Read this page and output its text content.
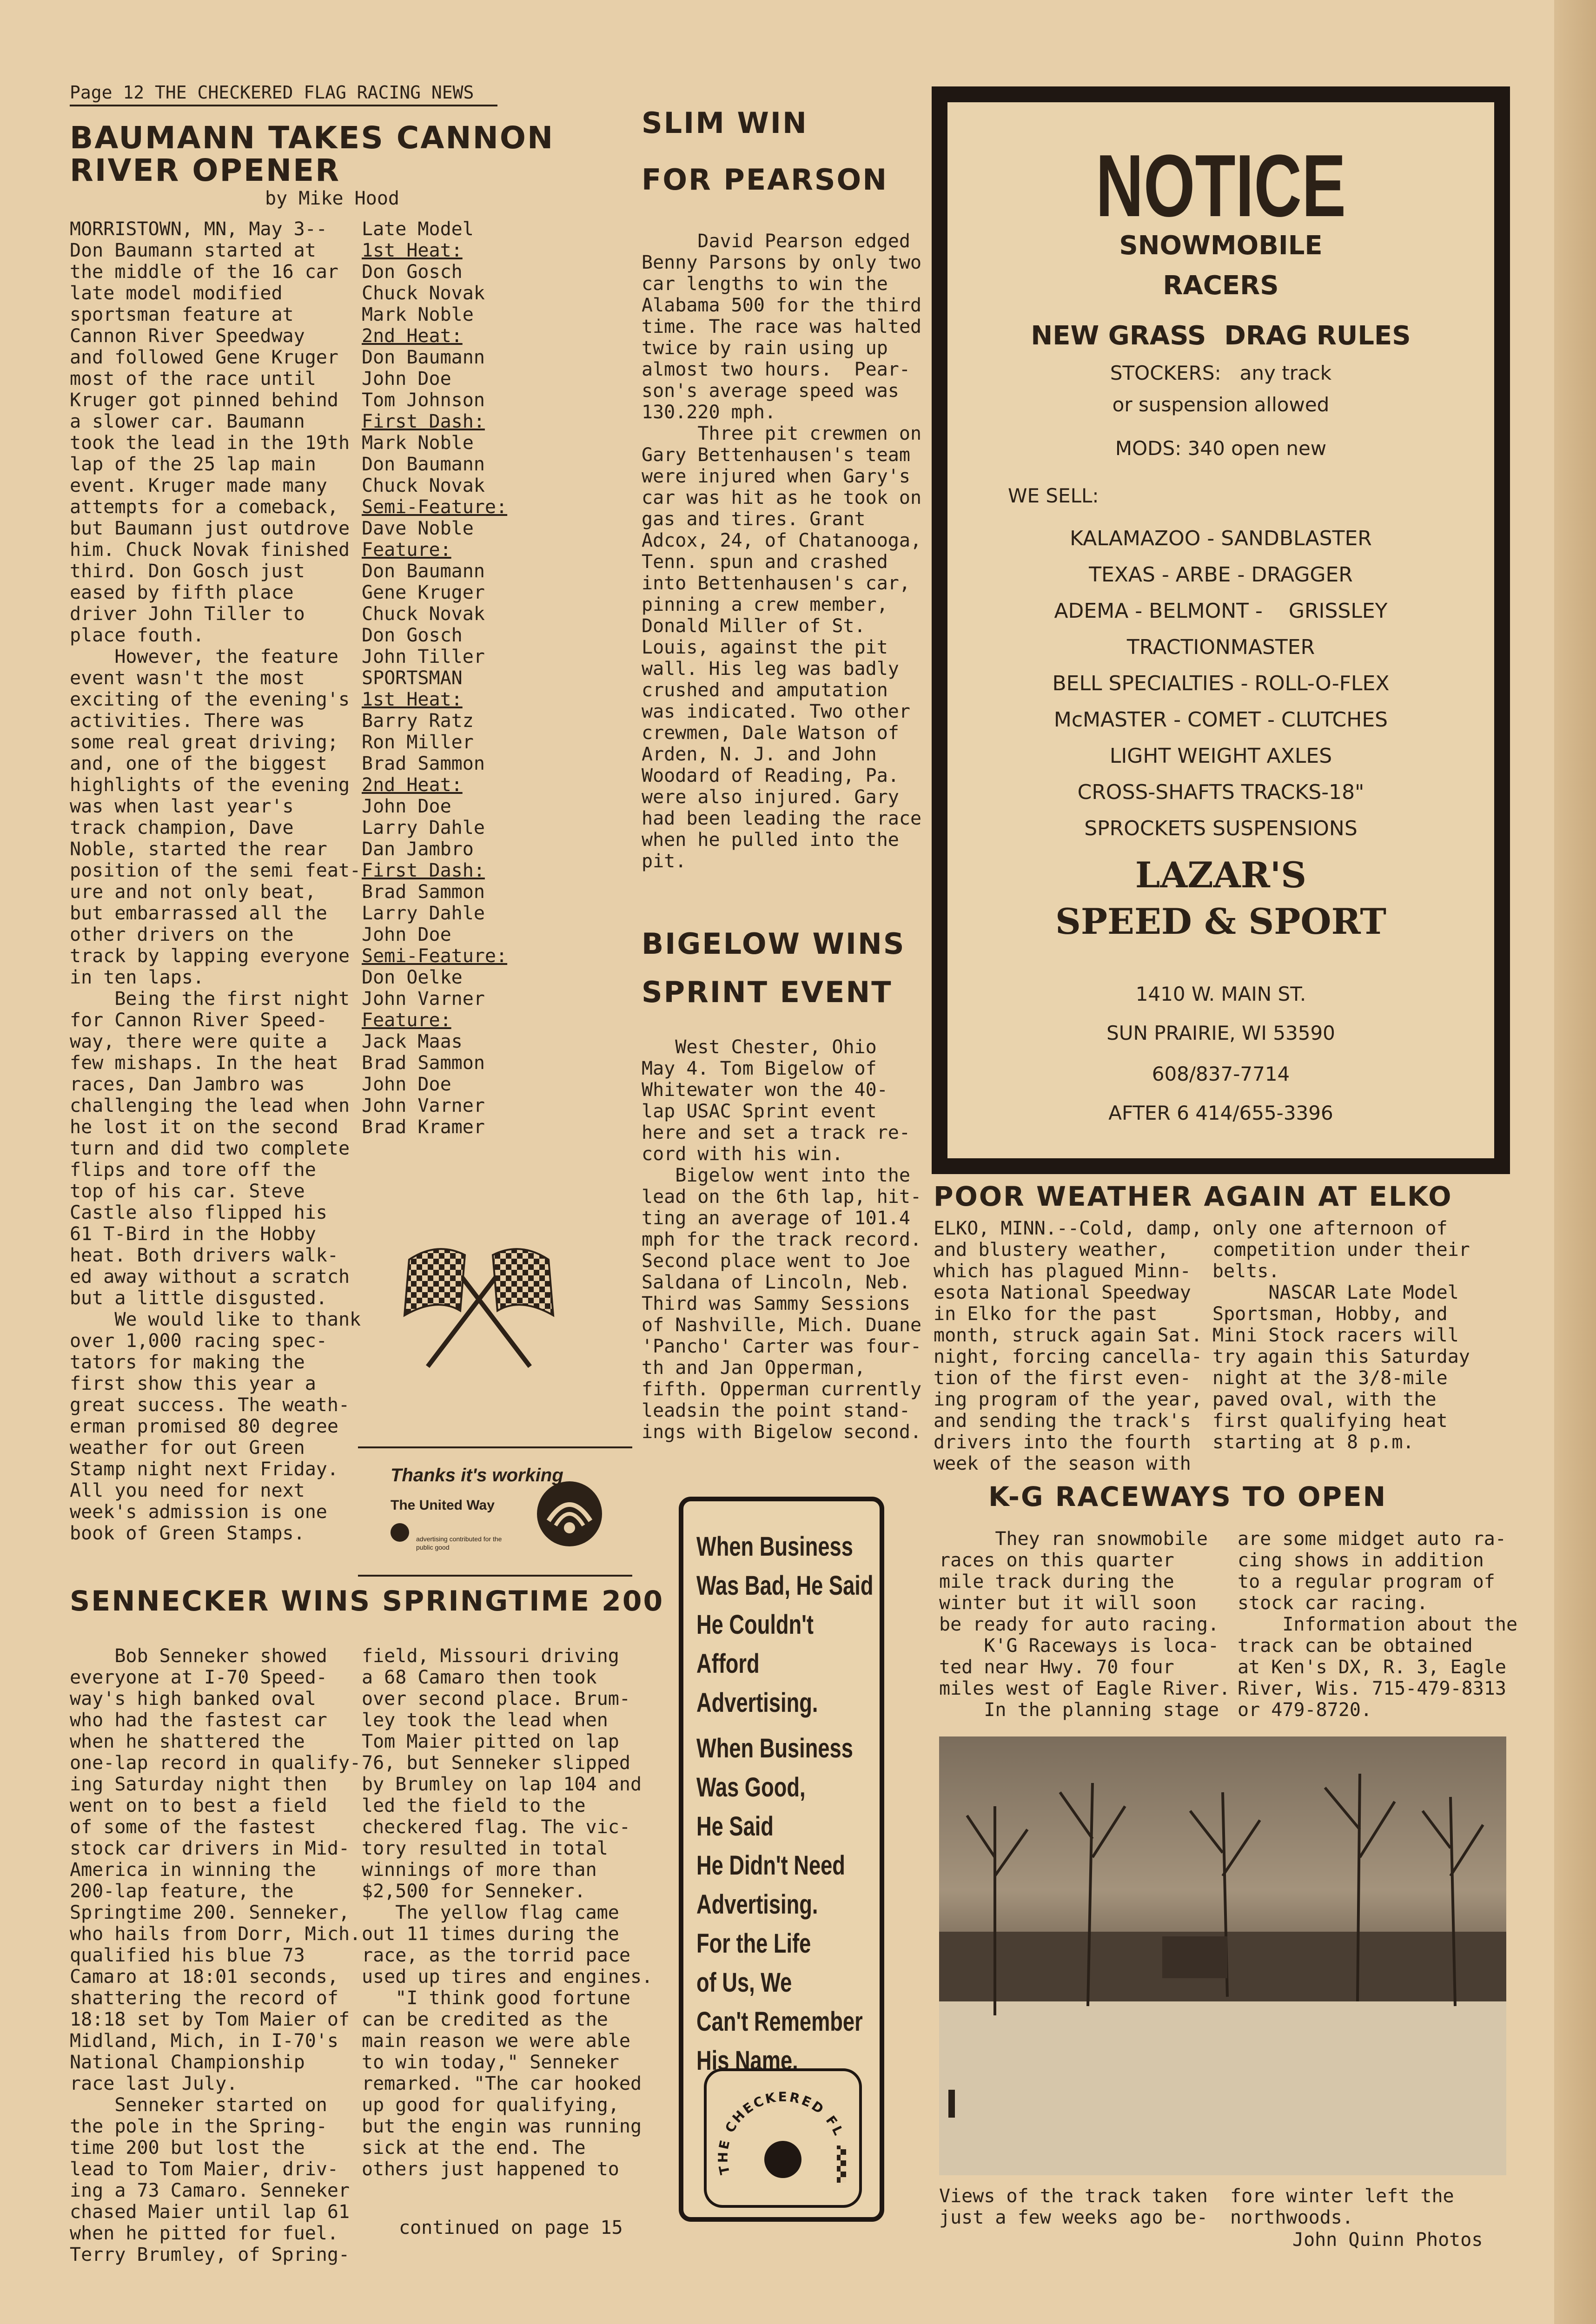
Page 12 THE CHECKERED FLAG RACING NEWS
BAUMANN TAKES CANNON
RIVER OPENER
by Mike Hood
MORRISTOWN, MN, May 3--
Don Baumann started at
the middle of the 16 car
late model modified
sportsman feature at
Cannon River Speedway
and followed Gene Kruger
most of the race until
Kruger got pinned behind
a slower car. Baumann
took the lead in the 19th
lap of the 25 lap main
event. Kruger made many
attempts for a comeback,
but Baumann just outdrove
him. Chuck Novak finished
third. Don Gosch just
eased by fifth place
driver John Tiller to
place fouth.
However, the feature
event wasn't the most
exciting of the evening's
activities. There was
some real great driving;
and, one of the biggest
highlights of the evening
was when last year's
track champion, Dave
Noble, started the rear
position of the semi feat-
ure and not only beat,
but embarrassed all the
other drivers on the
track by lapping everyone
in ten laps.
Being the first night
for Cannon River Speed-
way, there were quite a
few mishaps. In the heat
races, Dan Jambro was
challenging the lead when
he lost it on the second
turn and did two complete
flips and tore off the
top of his car. Steve
Castle also flipped his
61 T-Bird in the Hobby
heat. Both drivers walk-
ed away without a scratch
but a little disgusted.
We would like to thank
over 1,000 racing spec-
tators for making the
first show this year a
great success. The weath-
erman promised 80 degree
weather for out Green
Stamp night next Friday.
All you need for next
week's admission is one
book of Green Stamps.
Late Model
1st Heat:
Don Gosch
Chuck Novak
Mark Noble
2nd Heat:
Don Baumann
John Doe
Tom Johnson
First Dash:
Mark Noble
Don Baumann
Chuck Novak
Semi-Feature:
Dave Noble
Feature:
Don Baumann
Gene Kruger
Chuck Novak
Don Gosch
John Tiller
SPORTSMAN
1st Heat:
Barry Ratz
Ron Miller
Brad Sammon
2nd Heat:
John Doe
Larry Dahle
Dan Jambro
First Dash:
Brad Sammon
Larry Dahle
John Doe
Semi-Feature:
Don Oelke
John Varner
Feature:
Jack Maas
Brad Sammon
John Doe
John Varner
Brad Kramer
Thanks it's working
The United Way
advertising contributed for the public good
SLIM WIN
FOR PEARSON
David Pearson edged
Benny Parsons by only two
car lengths to win the
Alabama 500 for the third
time. The race was halted
twice by rain using up
almost two hours.  Pear-
son's average speed was
130.220 mph.
Three pit crewmen on
Gary Bettenhausen's team
were injured when Gary's
car was hit as he took on
gas and tires. Grant
Adcox, 24, of Chatanooga,
Tenn. spun and crashed
into Bettenhausen's car,
pinning a crew member,
Donald Miller of St.
Louis, against the pit
wall. His leg was badly
crushed and amputation
was indicated. Two other
crewmen, Dale Watson of
Arden, N. J. and John
Woodard of Reading, Pa.
were also injured. Gary
had been leading the race
when he pulled into the
pit.
BIGELOW WINS
SPRINT EVENT
West Chester, Ohio
May 4. Tom Bigelow of
Whitewater won the 40-
lap USAC Sprint event
here and set a track re-
cord with his win.
Bigelow went into the
lead on the 6th lap, hit-
ting an average of 101.4
mph for the track record.
Second place went to Joe
Saldana of Lincoln, Neb.
Third was Sammy Sessions
of Nashville, Mich. Duane
'Pancho' Carter was four-
th and Jan Opperman,
fifth. Opperman currently
leadsin the point stand-
ings with Bigelow second.
NOTICE
SNOWMOBILE
RACERS
NEW GRASS  DRAG RULES
STOCKERS:   any track
or suspension allowed
MODS: 340 open new
WE SELL:
KALAMAZOO - SANDBLASTER
TEXAS - ARBE - DRAGGER
ADEMA - BELMONT -    GRISSLEY
TRACTIONMASTER
BELL SPECIALTIES - ROLL-O-FLEX
McMASTER - COMET - CLUTCHES
LIGHT WEIGHT AXLES
CROSS-SHAFTS TRACKS-18"
SPROCKETS SUSPENSIONS
LAZAR'S
SPEED & SPORT
1410 W. MAIN ST.
SUN PRAIRIE, WI 53590
608/837-7714
AFTER 6 414/655-3396
POOR WEATHER AGAIN AT ELKO
ELKO, MINN.--Cold, damp,
and blustery weather,
which has plagued Minn-
esota National Speedway
in Elko for the past
month, struck again Sat.
night, forcing cancella-
tion of the first even-
ing program of the year,
and sending the track's
drivers into the fourth
week of the season with
only one afternoon of
competition under their
belts.
NASCAR Late Model
Sportsman, Hobby, and
Mini Stock racers will
try again this Saturday
night at the 3/8-mile
paved oval, with the
first qualifying heat
starting at 8 p.m.
K-G RACEWAYS TO OPEN
They ran snowmobile
races on this quarter
mile track during the
winter but it will soon
be ready for auto racing.
K'G Raceways is loca-
ted near Hwy. 70 four
miles west of Eagle River.
In the planning stage
are some midget auto ra-
cing shows in addition
to a regular program of
stock car racing.
Information about the
track can be obtained
at Ken's DX, R. 3, Eagle
River, Wis. 715-479-8313
or 479-8720.
Views of the track taken
just a few weeks ago be-
fore winter left the
northwoods.
John Quinn Photos
When Business
Was Bad, He Said
He Couldn't
Afford
Advertising.
When Business
Was Good,
He Said
He Didn't Need
Advertising.
For the Life
of Us, We
Can't Remember
His Name.
THE CHECKERED FL
SENNECKER WINS SPRINGTIME 200
Bob Senneker showed
everyone at I-70 Speed-
way's high banked oval
who had the fastest car
when he shattered the
one-lap record in qualify-
ing Saturday night then
went on to best a field
of some of the fastest
stock car drivers in Mid-
America in winning the
200-lap feature, the
Springtime 200. Senneker,
who hails from Dorr, Mich.
qualified his blue 73
Camaro at 18:01 seconds,
shattering the record of
18:18 set by Tom Maier of
Midland, Mich, in I-70's
National Championship
race last July.
Senneker started on
the pole in the Spring-
time 200 but lost the
lead to Tom Maier, driv-
ing a 73 Camaro. Senneker
chased Maier until lap 61
when he pitted for fuel.
Terry Brumley, of Spring-
field, Missouri driving
a 68 Camaro then took
over second place. Brum-
ley took the lead when
Tom Maier pitted on lap
76, but Senneker slipped
by Brumley on lap 104 and
led the field to the
checkered flag. The vic-
tory resulted in total
winnings of more than
$2,500 for Senneker.
The yellow flag came
out 11 times during the
race, as the torrid pace
used up tires and engines.
"I think good fortune
can be credited as the
main reason we were able
to win today," Senneker
remarked. "The car hooked
up good for qualifying,
but the engin was running
sick at the end. The
others just happened to
continued on page 15
